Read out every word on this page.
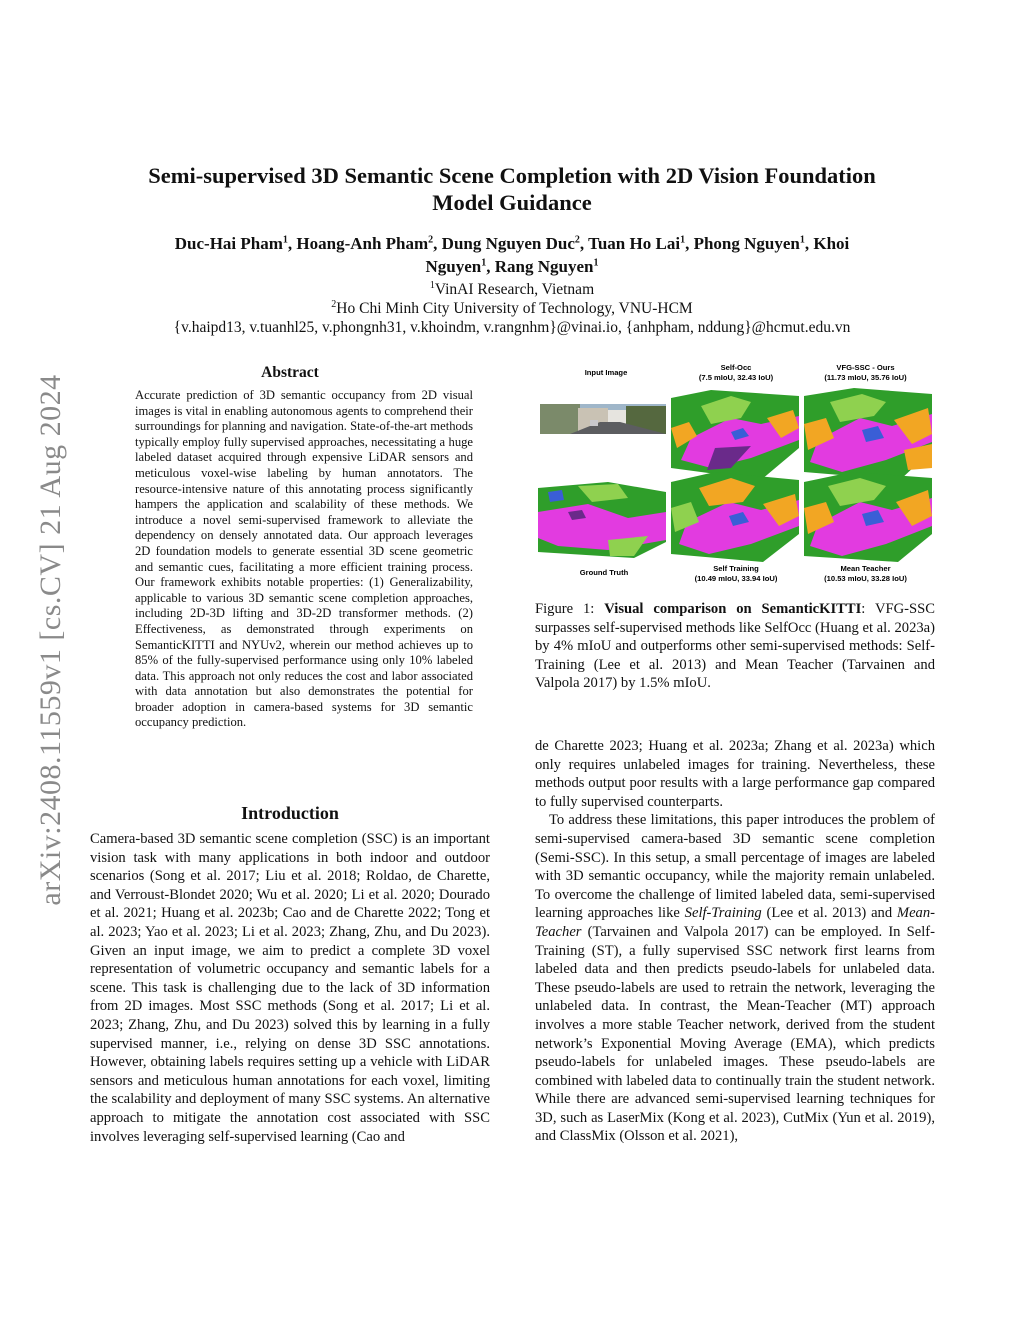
arXiv:2408.11559v1 [cs.CV] 21 Aug 2024
Semi-supervised 3D Semantic Scene Completion with 2D Vision Foundation
Model Guidance
Duc-Hai Pham$^1$, Hoang-Anh Pham$^2$, Dung Nguyen Duc$^2$, Tuan Ho Lai$^1$, Phong Nguyen$^1$, Khoi
Nguyen$^1$, Rang Nguyen$^1$
$^1$VinAI Research, Vietnam
$^2$Ho Chi Minh City University of Technology, VNU-HCM
{v.haipd13, v.tuanhl25, v.phongnh31, v.khoindm, v.rangnhm}@vinai.io, {anhpham, nddung}@hcmut.edu.vn
Abstract

Accurate prediction of 3D semantic occupancy from 2D visual images is vital in enabling autonomous agents to comprehend their surroundings for planning and navigation. State-of-the-art methods typically employ fully supervised approaches, necessitating a huge labeled dataset acquired through expensive LiDAR sensors and meticulous voxel-wise labeling by human annotators. The resource-intensive nature of this annotating process significantly hampers the application and scalability of these methods. We introduce a novel semi-supervised framework to alleviate the dependency on densely annotated data. Our approach leverages 2D foundation models to generate essential 3D scene geometric and semantic cues, facilitating a more efficient training process. Our framework exhibits notable properties: (1) Generalizability, applicable to various 3D semantic scene completion approaches, including 2D-3D lifting and 3D-2D transformer methods. (2) Effectiveness, as demonstrated through experiments on SemanticKITTI and NYUv2, wherein our method achieves up to 85% of the fully-supervised performance using only 10% labeled data. This approach not only reduces the cost and labor associated with data annotation but also demonstrates the potential for broader adoption in camera-based systems for 3D semantic occupancy prediction.

Introduction

Camera-based 3D semantic scene completion (SSC) is an important vision task with many applications in both indoor and outdoor scenarios (Song et al. 2017; Liu et al. 2018; Roldao, de Charette, and Verroust-Blondet 2020; Wu et al. 2020; Li et al. 2020; Dourado et al. 2021; Huang et al. 2023b; Cao and de Charette 2022; Tong et al. 2023; Yao et al. 2023; Li et al. 2023; Zhang, Zhu, and Du 2023). Given an input image, we aim to predict a complete 3D voxel representation of volumetric occupancy and semantic labels for a scene. This task is challenging due to the lack of 3D information from 2D images. Most SSC methods (Song et al. 2017; Li et al. 2023; Zhang, Zhu, and Du 2023) solved this by learning in a fully supervised manner, i.e., relying on dense 3D SSC annotations. However, obtaining labels requires setting up a vehicle with LiDAR sensors and meticulous human annotations for each voxel, limiting the scalability and deployment of many SSC systems. An alternative approach to mitigate the annotation cost associated with SSC involves leveraging self-supervised learning (Cao and

Input Image
Self-Occ
(7.5 mIoU, 32.43 IoU)
VFG-SSC - Ours
(11.73 mIoU, 35.76 IoU)
Ground Truth	Self Training
(10.49 mIoU, 33.94 IoU)
Mean Teacher
(10.53 mIoU, 33.28 IoU)

Figure 1: Visual comparison on SemanticKITTI: VFG-SSC surpasses self-supervised methods like SelfOcc (Huang et al. 2023a) by 4% mIoU and outperforms other semi-supervised methods: Self-Training (Lee et al. 2013) and Mean Teacher (Tarvainen and Valpola 2017) by 1.5% mIoU.

de Charette 2023; Huang et al. 2023a; Zhang et al. 2023a) which only requires unlabeled images for training. Nevertheless, these methods output poor results with a large performance gap compared to fully supervised counterparts.

To address these limitations, this paper introduces the problem of semi-supervised camera-based 3D semantic scene completion (Semi-SSC). In this setup, a small percentage of images are labeled with 3D semantic occupancy, while the majority remain unlabeled. To overcome the challenge of limited labeled data, semi-supervised learning approaches like Self-Training (Lee et al. 2013) and Mean-Teacher (Tarvainen and Valpola 2017) can be employed. In Self-Training (ST), a fully supervised SSC network first learns from labeled data and then predicts pseudo-labels for unlabeled data. These pseudo-labels are used to retrain the network, leveraging the unlabeled data. In contrast, the Mean-Teacher (MT) approach involves a more stable Teacher network, derived from the student network’s Exponential Moving Average (EMA), which predicts pseudo-labels for unlabeled images. These pseudo-labels are combined with labeled data to continually train the student network. While there are advanced semi-supervised learning techniques for 3D, such as LaserMix (Kong et al. 2023), CutMix (Yun et al. 2019), and ClassMix (Olsson et al. 2021),
